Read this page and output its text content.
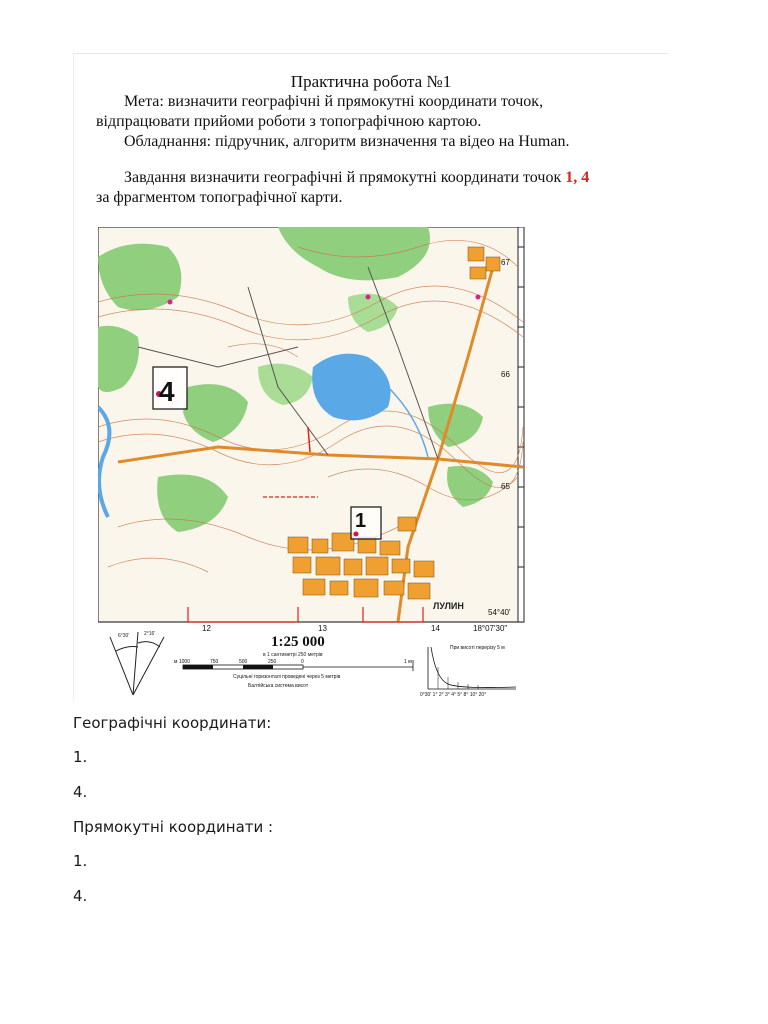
Практична робота №1
Мета: визначити географічні й прямокутні координати точок,
відпрацювати прийоми роботи з топографічною картою.
Обладнання: підручник, алгоритм визначення та відео на Human.
Завдання визначити географічні й прямокутні координати точок 1, 4
за фрагментом топографічної карти.
ЛУЛИН
4
1
12	13	14
67
66
65
18°07'30"
54°40'
6°30'	2°16'	1:25 000
в 1 сантиметрі 250 метрів
м 1000	750	500	250	0	1 км
Суцільні горизонталі проведені через 5 метрів
Балтійська система висот
При висоті перерізу 5 м
0°30' 1° 2° 3° 4° 5° 8° 10° 20°
Географічні координати:
1.
4.
Прямокутні координати :
1.
4.
